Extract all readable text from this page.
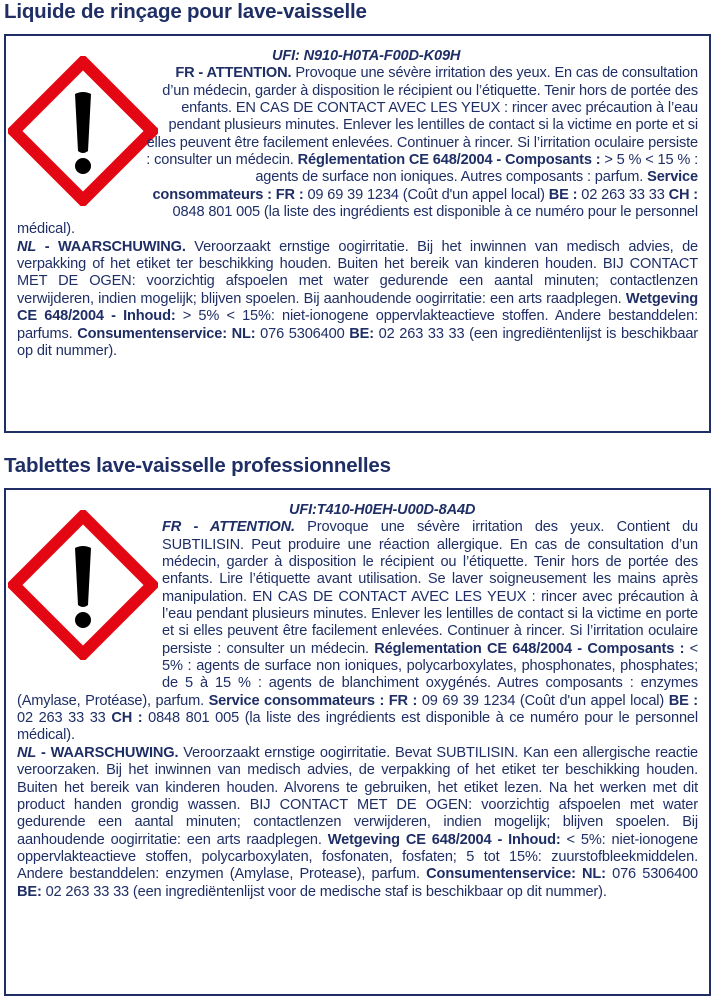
Liquide de rinçage pour lave-vaisselle

UFI: N910-H0TA-F00D-K09H

FR - ATTENTION. Provoque une sévère irritation des yeux. En cas de consultation d’un médecin, garder à disposition le récipient ou l’étiquette. Tenir hors de portée des enfants. EN CAS DE CONTACT AVEC LES YEUX : rincer avec précaution à l’eau pendant plusieurs minutes. Enlever les lentilles de contact si la victime en porte et si elles peuvent être facilement enlevées. Continuer à rincer. Si l’irritation oculaire persiste : consulter un médecin. Réglementation CE 648/2004 - Composants : > 5 % < 15 % : agents de surface non ioniques. Autres composants : parfum. Service consommateurs : FR : 09 69 39 1234 (Coût d'un appel local) BE : 02 263 33 33 CH : 0848 801 005 (la liste des ingrédients est disponible à ce numéro pour le personnel médical).

NL - WAARSCHUWING. Veroorzaakt ernstige oogirritatie. Bij het inwinnen van medisch advies, de verpakking of het etiket ter beschikking houden. Buiten het bereik van kinderen houden. BIJ CONTACT MET DE OGEN: voorzichtig afspoelen met water gedurende een aantal minuten; contactlenzen verwijderen, indien mogelijk; blijven spoelen. Bij aanhoudende oogirritatie: een arts raadplegen. Wetgeving CE 648/2004 - Inhoud: > 5% < 15%: niet-ionogene oppervlakteactieve stoffen. Andere bestanddelen: parfums. Consumentenservice: NL: 076 5306400 BE: 02 263 33 33 (een ingrediëntenlijst is beschikbaar op dit nummer).

Tablettes lave-vaisselle professionnelles

UFI:T410-H0EH-U00D-8A4D

FR - ATTENTION. Provoque une sévère irritation des yeux. Contient du SUBTILISIN. Peut produire une réaction allergique. En cas de consultation d’un médecin, garder à disposition le récipient ou l’étiquette. Tenir hors de portée des enfants. Lire l’étiquette avant utilisation. Se laver soigneusement les mains après manipulation. EN CAS DE CONTACT AVEC LES YEUX : rincer avec précaution à l’eau pendant plusieurs minutes. Enlever les lentilles de contact si la victime en porte et si elles peuvent être facilement enlevées. Continuer à rincer. Si l’irritation oculaire persiste : consulter un médecin. Réglementation CE 648/2004 - Composants : < 5% : agents de surface non ioniques, polycarboxylates, phosphonates, phosphates; de 5 à 15 % : agents de blanchiment oxygénés. Autres composants : enzymes (Amylase, Protéase), parfum. Service consommateurs : FR : 09 69 39 1234 (Coût d'un appel local) BE : 02 263 33 33 CH : 0848 801 005 (la liste des ingrédients est disponible à ce numéro pour le personnel médical).

NL - WAARSCHUWING. Veroorzaakt ernstige oogirritatie. Bevat SUBTILISIN. Kan een allergische reactie veroorzaken. Bij het inwinnen van medisch advies, de verpakking of het etiket ter beschikking houden. Buiten het bereik van kinderen houden. Alvorens te gebruiken, het etiket lezen. Na het werken met dit product handen grondig wassen. BIJ CONTACT MET DE OGEN: voorzichtig afspoelen met water gedurende een aantal minuten; contactlenzen verwijderen, indien mogelijk; blijven spoelen. Bij aanhoudende oogirritatie: een arts raadplegen. Wetgeving CE 648/2004 - Inhoud: < 5%: niet-ionogene oppervlakteactieve stoffen, polycarboxylaten, fosfonaten, fosfaten; 5 tot 15%: zuurstofbleekmiddelen. Andere bestanddelen: enzymen (Amylase, Protease), parfum. Consumentenservice: NL: 076 5306400 BE: 02 263 33 33 (een ingrediëntenlijst voor de medische staf is beschikbaar op dit nummer).
